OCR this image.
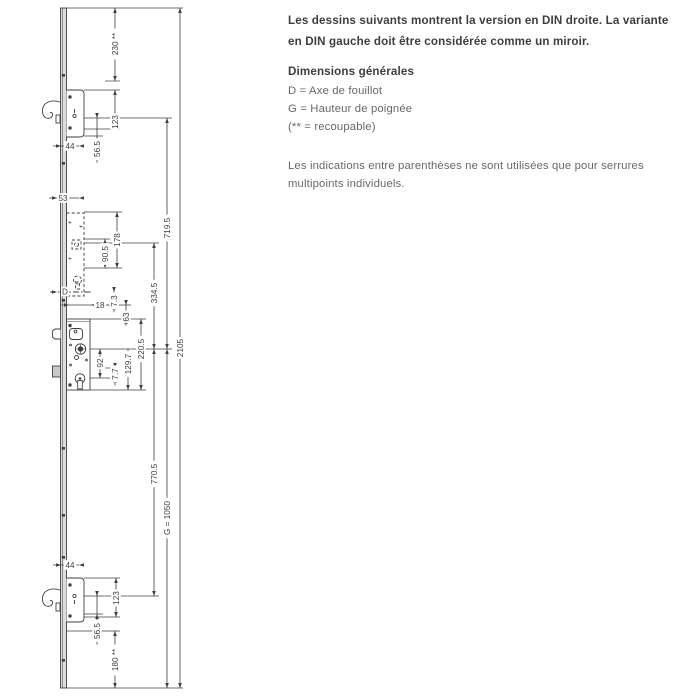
230 **
123
56.5
178
90.5
719.5
334.5
7.3
63
220.5
92
7.7 129.7
2105
770.5
G = 1050
123
56.5
180 **
44
53
18
44
D

Les dessins suivants montrent la version en DIN droite. La variante en DIN gauche doit être considérée comme un miroir.

Dimensions générales

D = Axe de fouillot
G = Hauteur de poignée
(** = recoupable)

Les indications entre parenthèses ne sont utilisées que pour serrures multipoints individuels.
